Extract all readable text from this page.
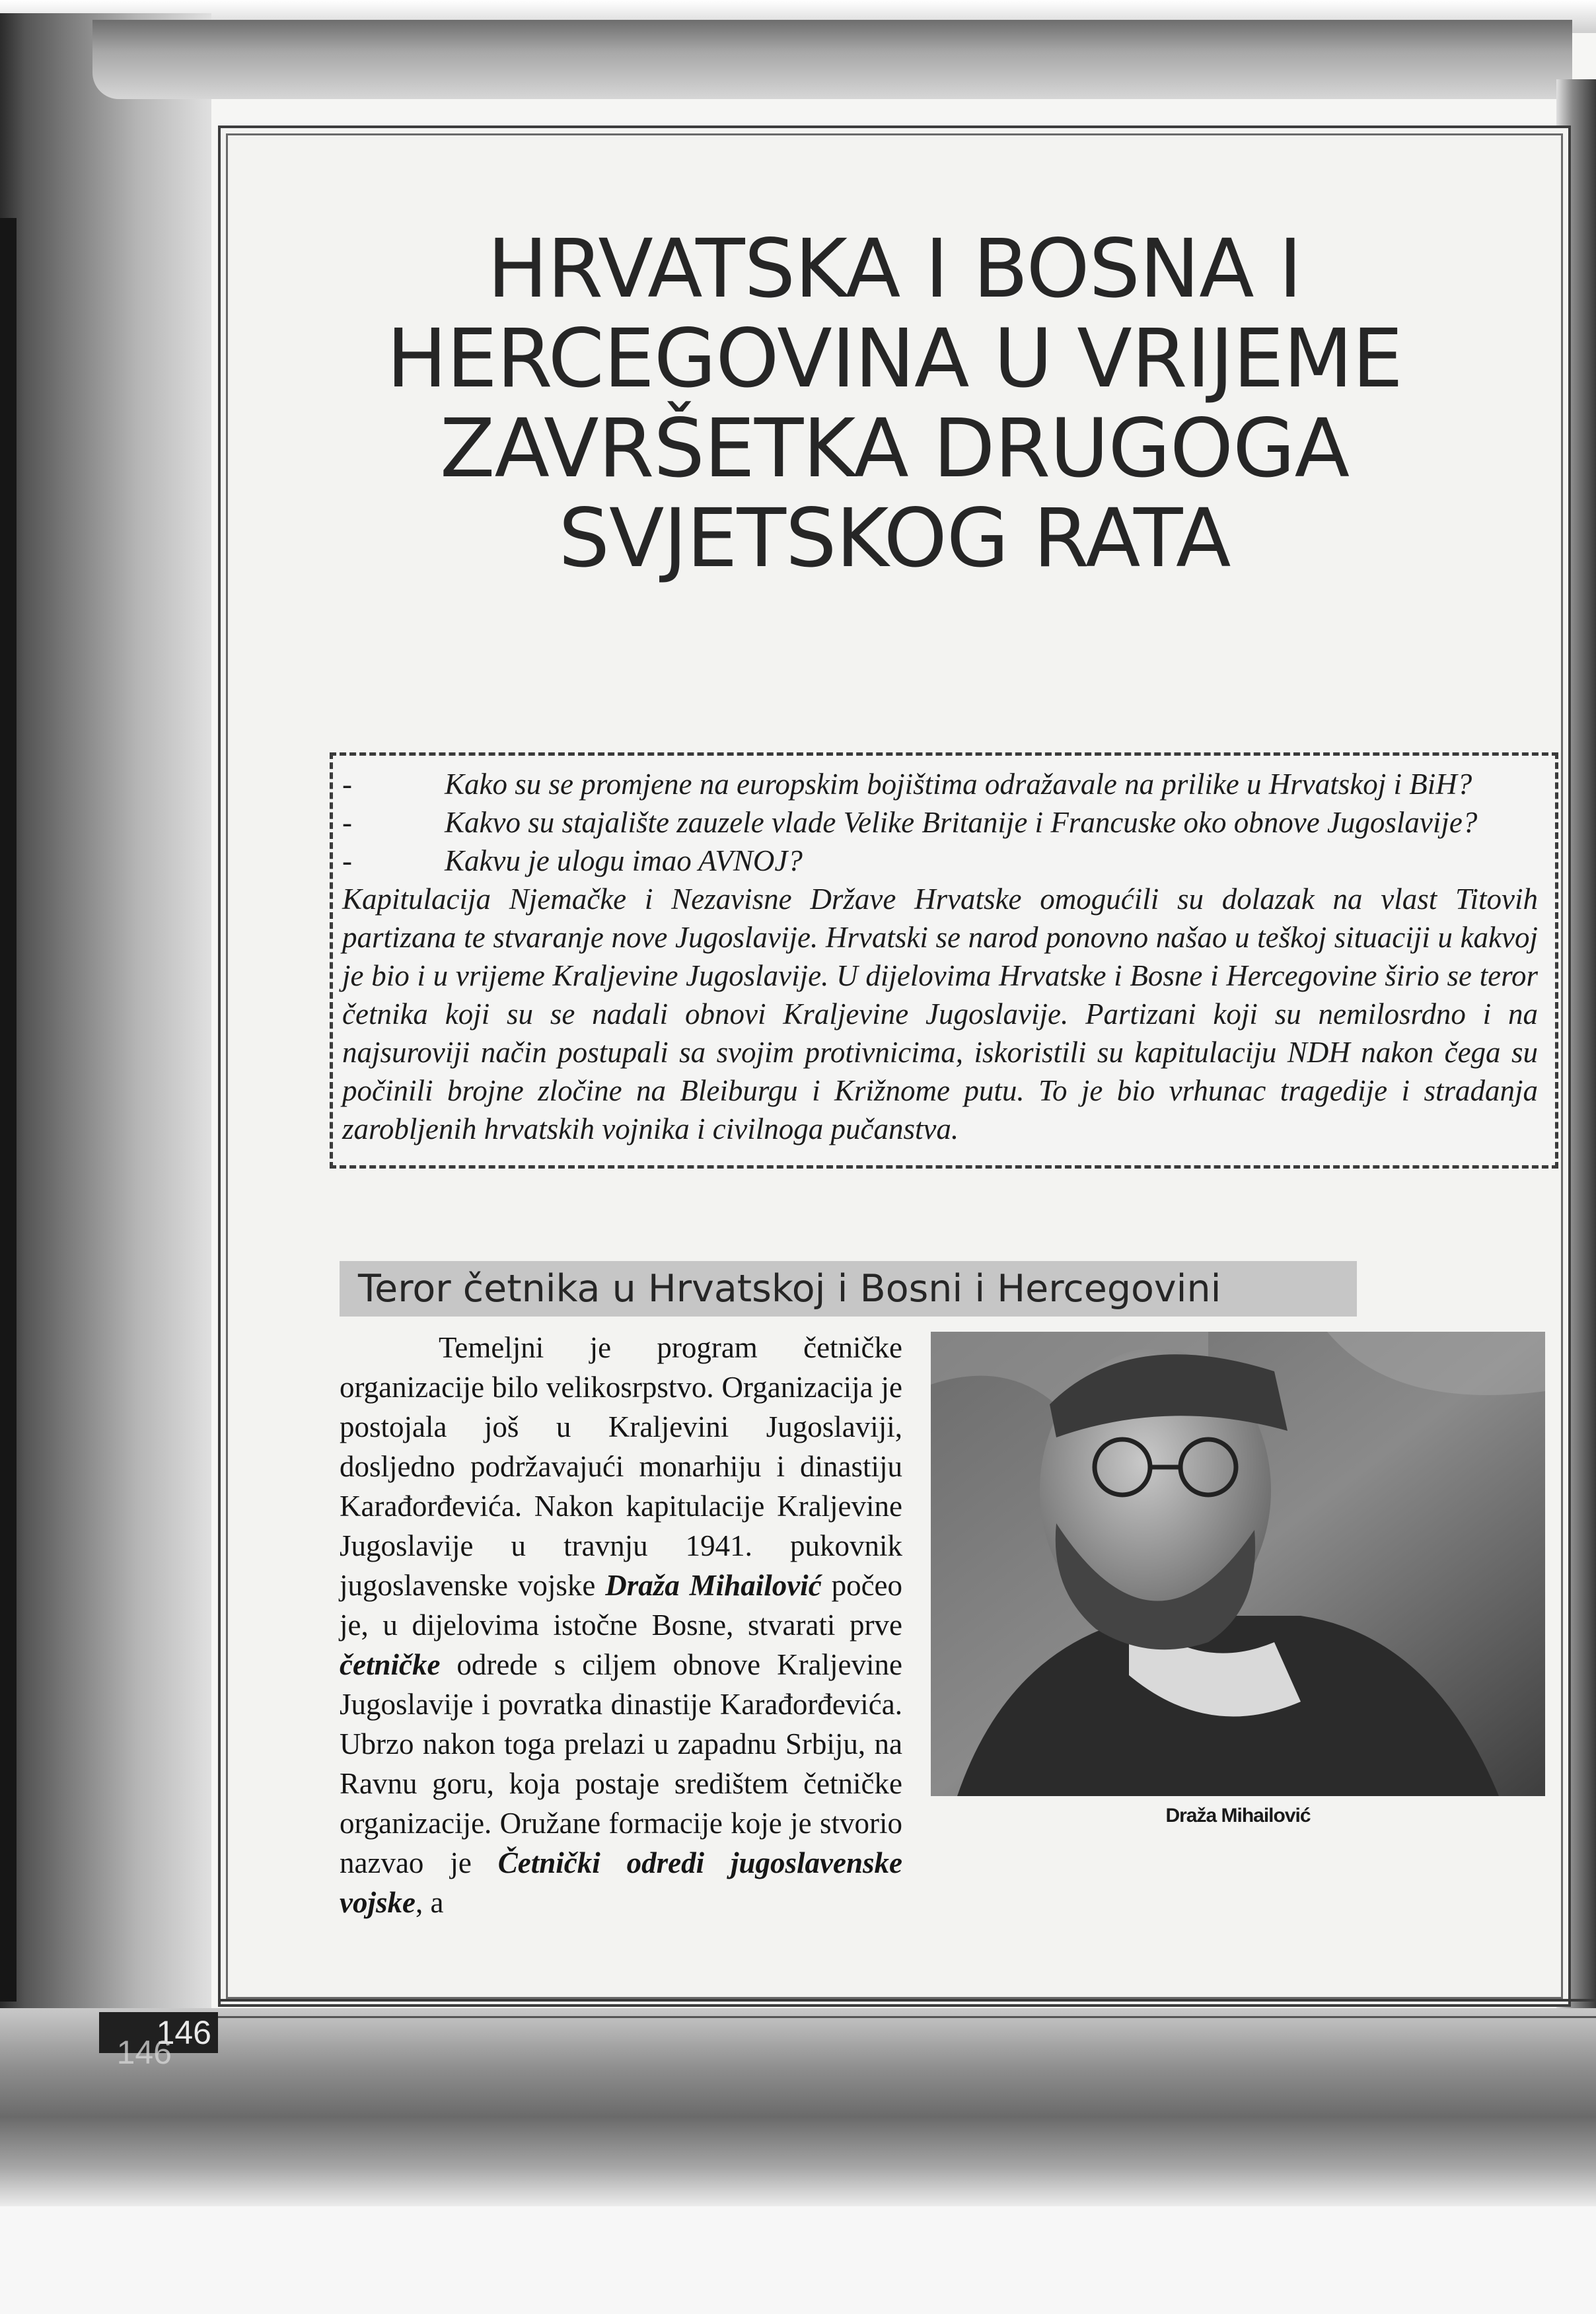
HRVATSKA I BOSNA I
HERCEGOVINA U VRIJEME
ZAVRŠETKA DRUGOGA
SVJETSKOG RATA
-	Kako su se promjene na europskim bojištima odražavale na prilike u Hrvatskoj i BiH?
-	Kakvo su stajalište zauzele vlade Velike Britanije i Francuske oko obnove Jugoslavije?
-	Kakvu je ulogu imao AVNOJ?

Kapitulacija Njemačke i Nezavisne Države Hrvatske omogućili su dolazak na vlast Titovih partizana te stvaranje nove Jugoslavije. Hrvatski se narod ponovno našao u teškoj situaciji u kakvoj je bio i u vrijeme Kraljevine Jugoslavije. U dijelovima Hrvatske i Bosne i Hercegovine širio se teror četnika koji su se nadali obnovi Kraljevine Jugoslavije. Partizani koji su nemilosrdno i na najsuroviji način postupali sa svojim protivnicima, iskoristili su kapitulaciju NDH nakon čega su počinili brojne zločine na Bleiburgu i Križnome putu. To je bio vrhunac tragedije i stradanja zarobljenih hrvatskih vojnika i civilnoga pučanstva.

Teror četnika u Hrvatskoj i Bosni i Hercegovini

Temeljni je program četničke organizacije bilo velikosrpstvo. Organizacija je postojala još u Kraljevini Jugoslaviji, dosljedno podržavajući monarhiju i dinastiju Karađorđevića. Nakon kapitulacije Kraljevine Jugoslavije u travnju 1941. pukovnik jugoslavenske vojske Draža Mihailović počeo je, u dijelovima istočne Bosne, stvarati prve četničke odrede s ciljem obnove Kraljevine Jugoslavije i povratka dinastije Karađorđevića. Ubrzo nakon toga prelazi u zapadnu Srbiju, na Ravnu goru, koja postaje središtem četničke organizacije. Oružane formacije koje je stvorio nazvao je Četnički odredi jugoslavenske vojske, a

Draža Mihailović
146
146
